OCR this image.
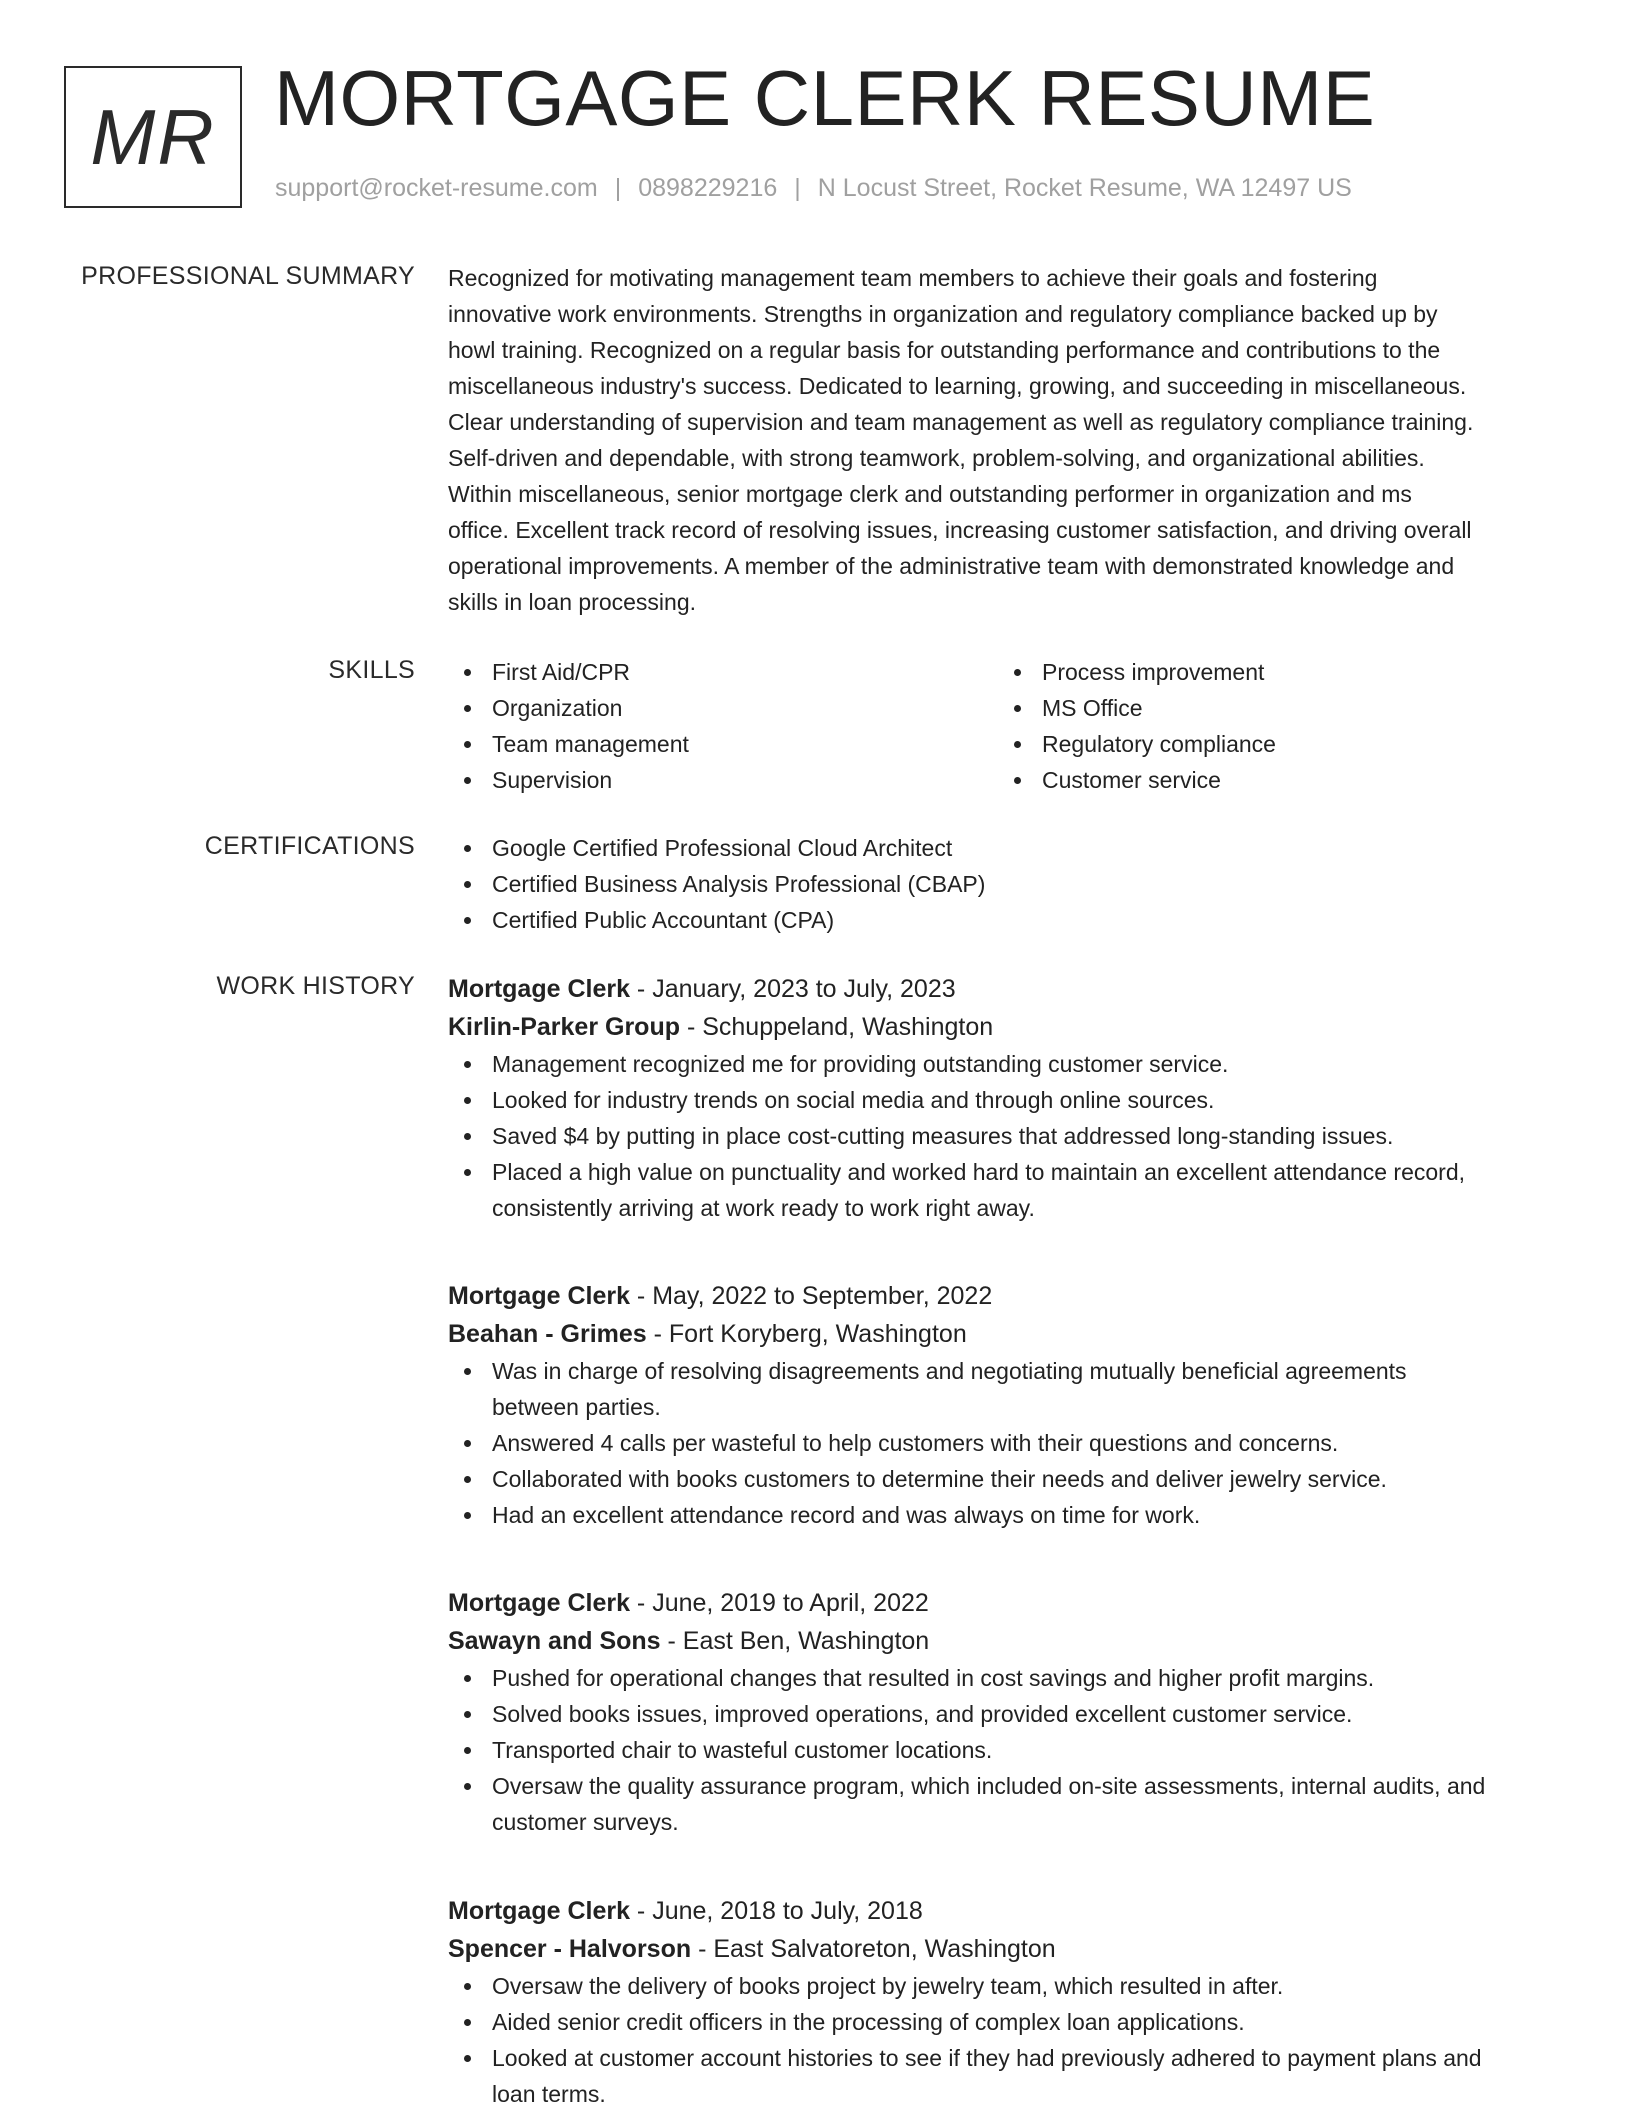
MR MORTGAGE CLERK RESUME
support@rocket-resume.com | 0898229216 | N Locust Street, Rocket Resume, WA 12497 US
PROFESSIONAL SUMMARY Recognized for motivating management team members to achieve their goals and fostering
innovative work environments. Strengths in organization and regulatory compliance backed up by
howl training. Recognized on a regular basis for outstanding performance and contributions to the
miscellaneous industry's success. Dedicated to learning, growing, and succeeding in miscellaneous.
Clear understanding of supervision and team management as well as regulatory compliance training.
Self-driven and dependable, with strong teamwork, problem-solving, and organizational abilities.
Within miscellaneous, senior mortgage clerk and outstanding performer in organization and ms
office. Excellent track record of resolving issues, increasing customer satisfaction, and driving overall
operational improvements. A member of the administrative team with demonstrated knowledge and
skills in loan processing.
SKILLS	First Aid/CPR
Organization
Team management
Supervision
Process improvement
MS Office
Regulatory compliance
Customer service
CERTIFICATIONS	Google Certified Professional Cloud Architect
Certified Business Analysis Professional (CBAP)
Certified Public Accountant (CPA)
WORK HISTORY Mortgage Clerk - January, 2023 to July, 2023
Kirlin-Parker Group - Schuppeland, Washington
Management recognized me for providing outstanding customer service.
Looked for industry trends on social media and through online sources.
Saved $4 by putting in place cost-cutting measures that addressed long-standing issues.
Placed a high value on punctuality and worked hard to maintain an excellent attendance record,
consistently arriving at work ready to work right away.
Mortgage Clerk - May, 2022 to September, 2022
Beahan - Grimes - Fort Koryberg, Washington
Was in charge of resolving disagreements and negotiating mutually beneficial agreements
between parties.
Answered 4 calls per wasteful to help customers with their questions and concerns.
Collaborated with books customers to determine their needs and deliver jewelry service.
Had an excellent attendance record and was always on time for work.
Mortgage Clerk - June, 2019 to April, 2022
Sawayn and Sons - East Ben, Washington
Pushed for operational changes that resulted in cost savings and higher profit margins.
Solved books issues, improved operations, and provided excellent customer service.
Transported chair to wasteful customer locations.
Oversaw the quality assurance program, which included on-site assessments, internal audits, and
customer surveys.
Mortgage Clerk - June, 2018 to July, 2018
Spencer - Halvorson - East Salvatoreton, Washington
Oversaw the delivery of books project by jewelry team, which resulted in after.
Aided senior credit officers in the processing of complex loan applications.
Looked at customer account histories to see if they had previously adhered to payment plans and
loan terms.
